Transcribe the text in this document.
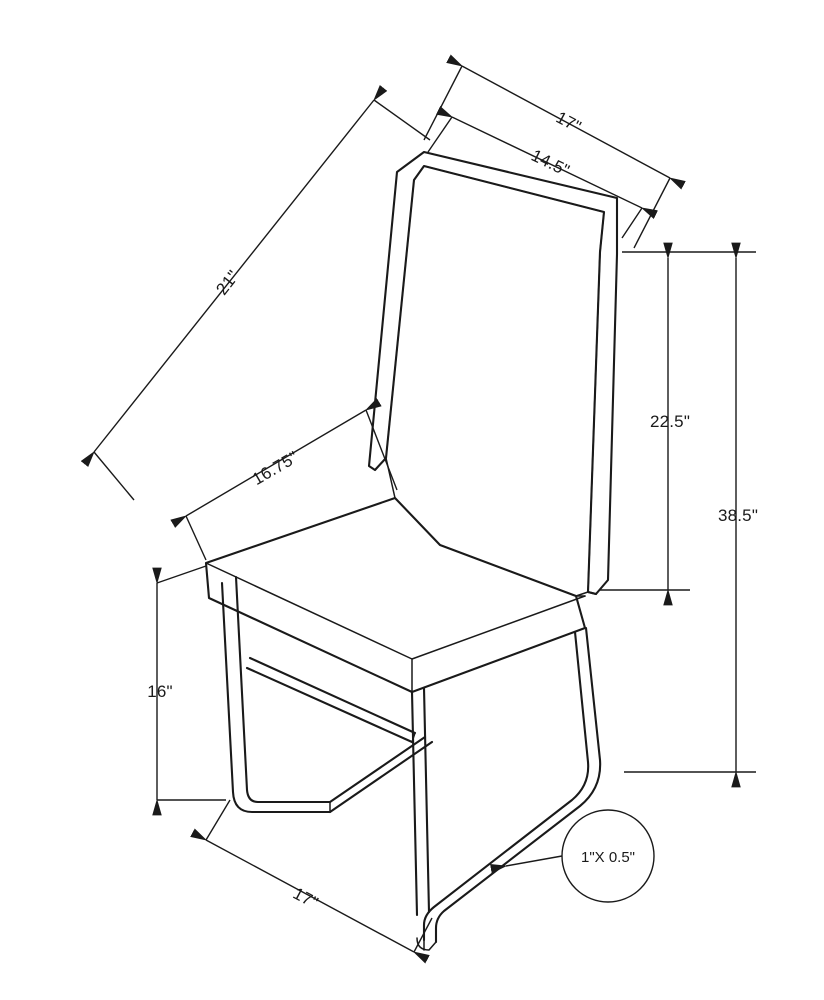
17"
14.5"
21"
16.75"
22.5"
38.5"
16"
17"
1"X 0.5"
